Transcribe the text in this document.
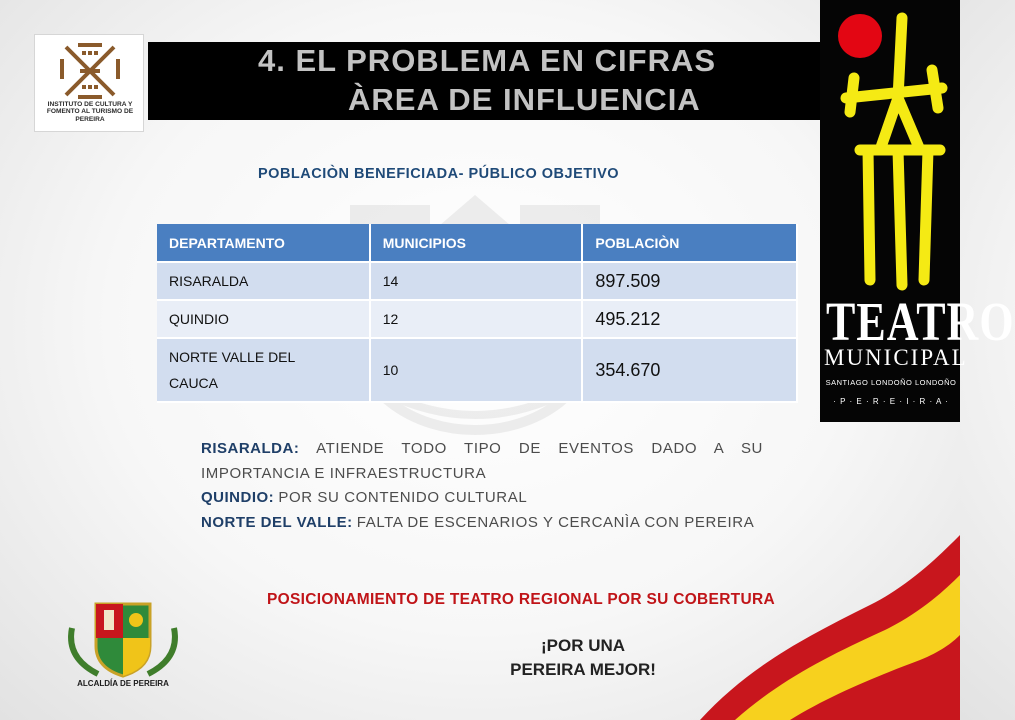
INSTITUTO DE CULTURA Y FOMENTO AL TURISMO DE PEREIRA
4. EL PROBLEMA EN CIFRAS
ÀREA DE INFLUENCIA
TEATRO
MUNICIPAL
SANTIAGO LONDOÑO LONDOÑO
· P · E · R · E · I · R · A ·
POBLACIÒN BENEFICIADA- PÚBLICO OBJETIVO
DEPARTAMENTO	MUNICIPIOS	POBLACIÒN
RISARALDA	14	897.509
QUINDIO	12	495.212
NORTE VALLE DEL CAUCA	10	354.670

RISARALDA: ATIENDE TODO TIPO DE EVENTOS DADO A SU IMPORTANCIA E INFRAESTRUCTURA

QUINDIO: POR SU CONTENIDO CULTURAL

NORTE DEL VALLE: FALTA DE ESCENARIOS Y CERCANÌA CON PEREIRA

POSICIONAMIENTO DE TEATRO REGIONAL POR SU COBERTURA
¡POR UNA
PEREIRA MEJOR!
ALCALDÍA DE PEREIRA
